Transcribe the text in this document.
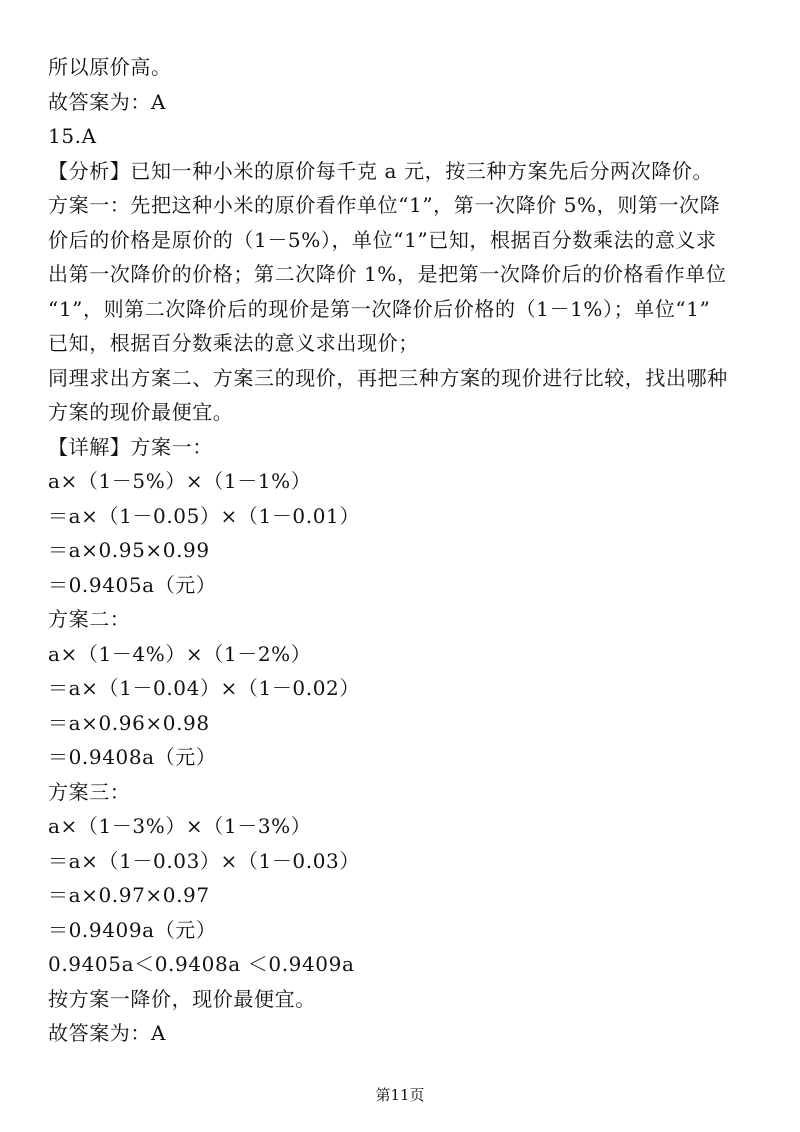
所以原价高。
故答案为：A
15.A
【分析】已知一种小米的原价每千克 a 元，按三种方案先后分两次降价。
方案一：先把这种小米的原价看作单位“1”，第一次降价 5%，则第一次降
价后的价格是原价的（1－5%），单位“1”已知，根据百分数乘法的意义求
出第一次降价的价格；第二次降价 1%，是把第一次降价后的价格看作单位
“1”，则第二次降价后的现价是第一次降价后价格的（1－1%）；单位“1”
已知，根据百分数乘法的意义求出现价；
同理求出方案二、方案三的现价，再把三种方案的现价进行比较，找出哪种
方案的现价最便宜。
【详解】方案一：
a×（1－5%）×（1－1%）
＝a×（1－0.05）×（1－0.01）
＝a×0.95×0.99
＝0.9405a（元）
方案二：
a×（1－4%）×（1－2%）
＝a×（1－0.04）×（1－0.02）
＝a×0.96×0.98
＝0.9408a（元）
方案三：
a×（1－3%）×（1－3%）
＝a×（1－0.03）×（1－0.03）
＝a×0.97×0.97
＝0.9409a（元）
0.9405a＜0.9408a ＜0.9409a
按方案一降价，现价最便宜。
故答案为：A
第11页
